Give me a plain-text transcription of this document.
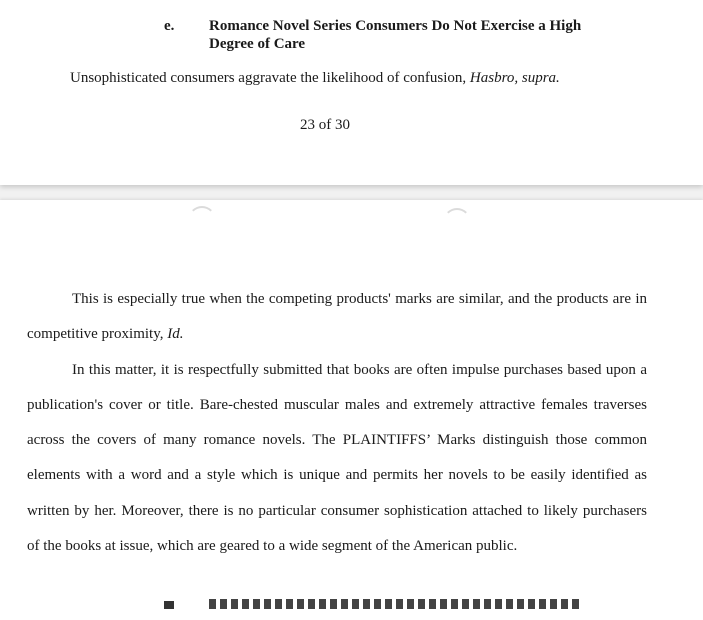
e. Romance Novel Series Consumers Do Not Exercise a High Degree of Care
Unsophisticated consumers aggravate the likelihood of confusion, Hasbro, supra.
23 of 30

This is especially true when the competing products' marks are similar, and the products are in competitive proximity, Id.

In this matter, it is respectfully submitted that books are often impulse purchases based upon a publication's cover or title. Bare-chested muscular males and extremely attractive females traverses across the covers of many romance novels. The PLAINTIFFS’ Marks distinguish those common elements with a word and a style which is unique and permits her novels to be easily identified as written by her. Moreover, there is no particular consumer sophistication attached to likely purchasers of the books at issue, which are geared to a wide segment of the American public.
